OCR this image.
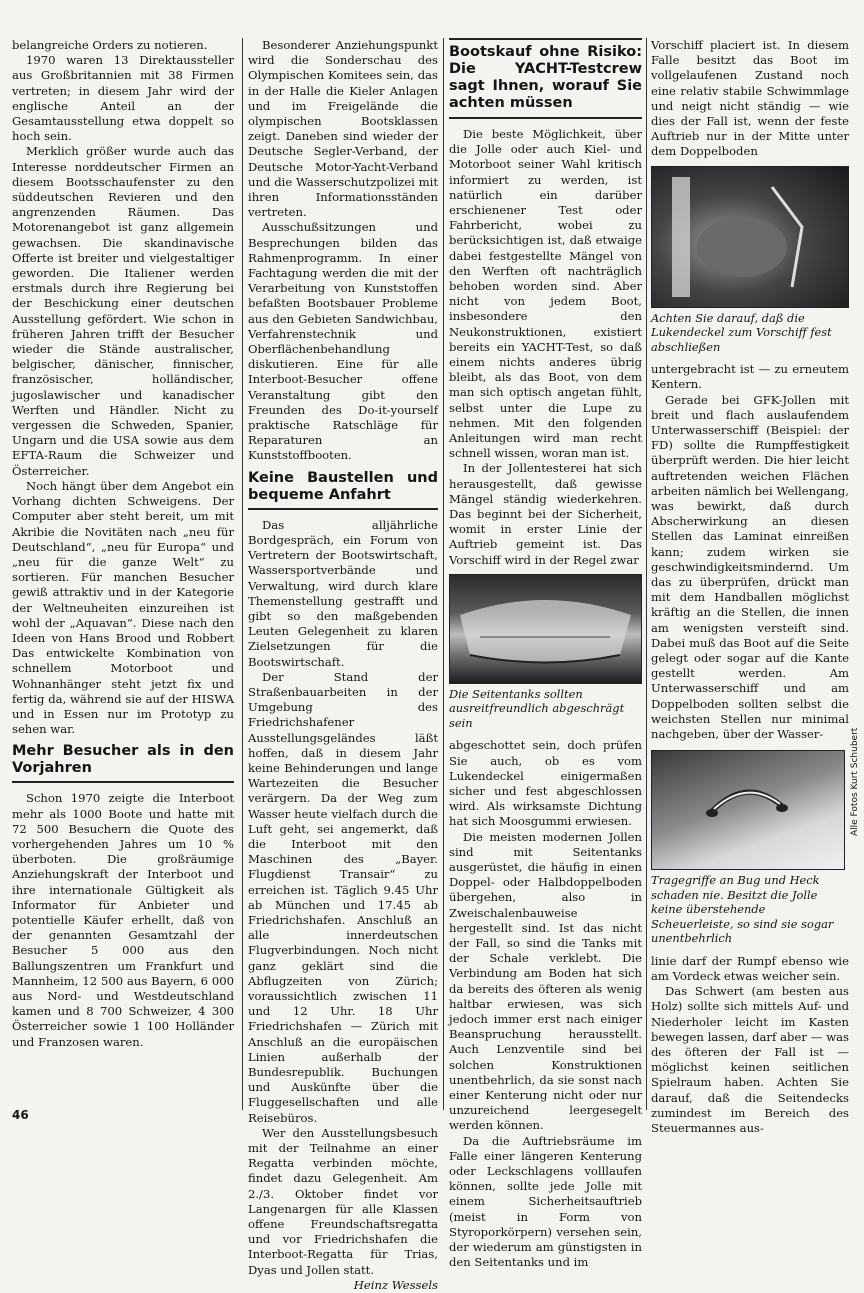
belangreiche Orders zu notieren.

1970 waren 13 Direktaussteller aus Großbritannien mit 38 Firmen vertreten; in diesem Jahr wird der englische Anteil an der Gesamtausstellung etwa doppelt so hoch sein.

Merklich größer wurde auch das Interesse norddeutscher Firmen an diesem Bootsschaufenster zu den süddeutschen Revieren und den angrenzenden Räumen. Das Motorenangebot ist ganz allgemein gewachsen. Die skandinavische Offerte ist breiter und vielgestaltiger geworden. Die Italiener werden erstmals durch ihre Regierung bei der Beschickung einer deutschen Ausstellung gefördert. Wie schon in früheren Jahren trifft der Besucher wieder die Stände australischer, belgischer, dänischer, finnischer, französischer, holländischer, jugoslawischer und kanadischer Werften und Händler. Nicht zu vergessen die Schweden, Spanier, Ungarn und die USA sowie aus dem EFTA-Raum die Schweizer und Österreicher.

Noch hängt über dem Angebot ein Vorhang dichten Schweigens. Der Computer aber steht bereit, um mit Akribie die Novitäten nach „neu für Deutschland“, „neu für Europa“ und „neu für die ganze Welt“ zu sortieren. Für manchen Besucher gewiß attraktiv und in der Kategorie der Weltneuheiten einzureihen ist wohl der „Aquavan“. Diese nach den Ideen von Hans Brood und Robbert Das entwickelte Kombination von schnellem Motorboot und Wohnanhänger steht jetzt fix und fertig da, während sie auf der HISWA und in Essen nur im Prototyp zu sehen war.

Mehr Besucher als in den Vorjahren

Schon 1970 zeigte die Interboot mehr als 1000 Boote und hatte mit 72 500 Besuchern die Quote des vorhergehenden Jahres um 10 % überboten. Die großräumige Anziehungskraft der Interboot und ihre internationale Gültigkeit als Informator für Anbieter und potentielle Käufer erhellt, daß von der genannten Gesamtzahl der Besucher 5 000 aus den Ballungszentren um Frankfurt und Mannheim, 12 500 aus Bayern, 6 000 aus Nord- und Westdeutschland kamen und 8 700 Schweizer, 4 300 Österreicher sowie 1 100 Holländer und Franzosen waren.

Besonderer Anziehungspunkt wird die Sonderschau des Olympischen Komitees sein, das in der Halle die Kieler Anlagen und im Freigelände die olympischen Bootsklassen zeigt. Daneben sind wieder der Deutsche Segler-Verband, der Deutsche Motor-Yacht-Verband und die Wasserschutzpolizei mit ihren Informationsständen vertreten.

Ausschußsitzungen und Besprechungen bilden das Rahmenprogramm. In einer Fachtagung werden die mit der Verarbeitung von Kunststoffen befaßten Bootsbauer Probleme aus den Gebieten Sandwichbau, Verfahrenstechnik und Oberflächenbehandlung diskutieren. Eine für alle Interboot-Besucher offene Veranstaltung gibt den Freunden des Do-it-yourself praktische Ratschläge für Reparaturen an Kunststoffbooten.

Keine Baustellen und bequeme Anfahrt

Das alljährliche Bordgespräch, ein Forum von Vertretern der Bootswirtschaft, Wassersportverbände und Verwaltung, wird durch klare Themenstellung gestrafft und gibt so den maßgebenden Leuten Gelegenheit zu klaren Zielsetzungen für die Bootswirtschaft.

Der Stand der Straßenbauarbeiten in der Umgebung des Friedrichshafener Ausstellungsgeländes läßt hoffen, daß in diesem Jahr keine Behinderungen und lange Wartezeiten die Besucher verärgern. Da der Weg zum Wasser heute vielfach durch die Luft geht, sei angemerkt, daß die Interboot mit den Maschinen des „Bayer. Flugdienst Transair“ zu erreichen ist. Täglich 9.45 Uhr ab München und 17.45 ab Friedrichshafen. Anschluß an alle innerdeutschen Flugverbindungen. Noch nicht ganz geklärt sind die Abflugzeiten von Zürich; voraussichtlich zwischen 11 und 12 Uhr. 18 Uhr Friedrichshafen — Zürich mit Anschluß an die europäischen Linien außerhalb der Bundesrepublik. Buchungen und Auskünfte über die Fluggesellschaften und alle Reisebüros.

Wer den Ausstellungsbesuch mit der Teilnahme an einer Regatta verbinden möchte, findet dazu Gelegenheit. Am 2./3. Oktober findet vor Langenargen für alle Klassen offene Freundschaftsregatta und vor Friedrichshafen die Interboot-Regatta für Trias, Dyas und Jollen statt.

Heinz Wessels
Bootskauf ohne Risiko: Die YACHT-Testcrew sagt Ihnen, worauf Sie achten müssen

Die beste Möglichkeit, über die Jolle oder auch Kiel- und Motorboot seiner Wahl kritisch informiert zu werden, ist natürlich ein darüber erschienener Test oder Fahrbericht, wobei zu berücksichtigen ist, daß etwaige dabei festgestellte Mängel von den Werften oft nachträglich behoben worden sind. Aber nicht von jedem Boot, insbesondere den Neukonstruktionen, existiert bereits ein YACHT-Test, so daß einem nichts anderes übrig bleibt, als das Boot, von dem man sich optisch angetan fühlt, selbst unter die Lupe zu nehmen. Mit den folgenden Anleitungen wird man recht schnell wissen, woran man ist.

In der Jollentesterei hat sich herausgestellt, daß gewisse Mängel ständig wiederkehren. Das beginnt bei der Sicherheit, womit in erster Linie der Auftrieb gemeint ist. Das Vorschiff wird in der Regel zwar

Die Seitentanks sollten ausreitfreundlich abgeschrägt sein

abgeschottet sein, doch prüfen Sie auch, ob es vom Lukendeckel einigermaßen sicher und fest abgeschlossen wird. Als wirksamste Dichtung hat sich Moosgummi erwiesen.

Die meisten modernen Jollen sind mit Seitentanks ausgerüstet, die häufig in einen Doppel- oder Halbdoppelboden übergehen, also in Zweischalenbauweise hergestellt sind. Ist das nicht der Fall, so sind die Tanks mit der Schale verklebt. Die Verbindung am Boden hat sich da bereits des öfteren als wenig haltbar erwiesen, was sich jedoch immer erst nach einiger Beanspruchung herausstellt. Auch Lenzventile sind bei solchen Konstruktionen unentbehrlich, da sie sonst nach einer Kenterung nicht oder nur unzureichend leergesegelt werden können.

Da die Auftriebsräume im Falle einer längeren Kenterung oder Leckschlagens volllaufen können, sollte jede Jolle mit einem Sicherheitsauftrieb (meist in Form von Styroporkörpern) versehen sein, der wiederum am günstigsten in den Seitentanks und im

Vorschiff placiert ist. In diesem Falle besitzt das Boot im vollgelaufenen Zustand noch eine relativ stabile Schwimmlage und neigt nicht ständig — wie dies der Fall ist, wenn der feste Auftrieb nur in der Mitte unter dem Doppelboden

Achten Sie darauf, daß die Lukendeckel zum Vorschiff fest abschließen

untergebracht ist — zu erneutem Kentern.

Gerade bei GFK-Jollen mit breit und flach auslaufendem Unterwasserschiff (Beispiel: der FD) sollte die Rumpffestigkeit überprüft werden. Die hier leicht auftretenden weichen Flächen arbeiten nämlich bei Wellengang, was bewirkt, daß durch Abscherwirkung an diesen Stellen das Laminat einreißen kann; zudem wirken sie geschwindigkeitsmindernd. Um das zu überprüfen, drückt man mit dem Handballen möglichst kräftig an die Stellen, die innen am wenigsten versteift sind. Dabei muß das Boot auf die Seite gelegt oder sogar auf die Kante gestellt werden. Am Unterwasserschiff und am Doppelboden sollten selbst die weichsten Stellen nur minimal nachgeben, über der Wasser-

Tragegriffe an Bug und Heck schaden nie. Besitzt die Jolle keine überstehende Scheuerleiste, so sind sie sogar unentbehrlich

linie darf der Rumpf ebenso wie am Vordeck etwas weicher sein.

Das Schwert (am besten aus Holz) sollte sich mittels Auf- und Niederholer leicht im Kasten bewegen lassen, darf aber — was des öfteren der Fall ist — möglichst keinen seitlichen Spielraum haben. Achten Sie darauf, daß die Seitendecks zumindest im Bereich des Steuermannes aus-

Alle Fotos Kurt Schubert
46
